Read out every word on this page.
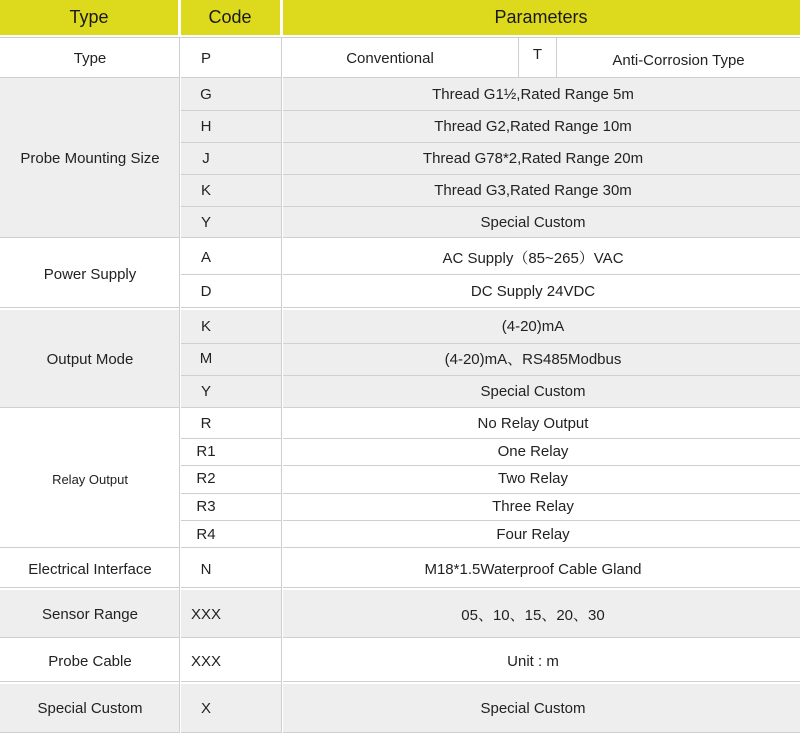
Type	Code	Parameters
Type	P	Conventional	T	Anti-Corrosion Type
Probe Mounting Size
G	Thread G1½,Rated Range 5m
H	Thread G2,Rated Range 10m
J	Thread G78*2,Rated Range 20m
K	Thread G3,Rated Range 30m
Y	Special Custom
Power Supply
A	AC Supply（85~265）VAC
D	DC Supply 24VDC
Output Mode
K	(4-20)mA
M	(4-20)mA、RS485Modbus
Y	Special Custom
Relay Output
R	No Relay Output
R1	One Relay
R2	Two Relay
R3	Three Relay
R4	Four Relay
Electrical Interface	N	M18*1.5Waterproof Cable Gland
Sensor Range	XXX	05、10、15、20、30
Probe Cable	XXX	Unit : m
Special Custom	X	Special Custom
